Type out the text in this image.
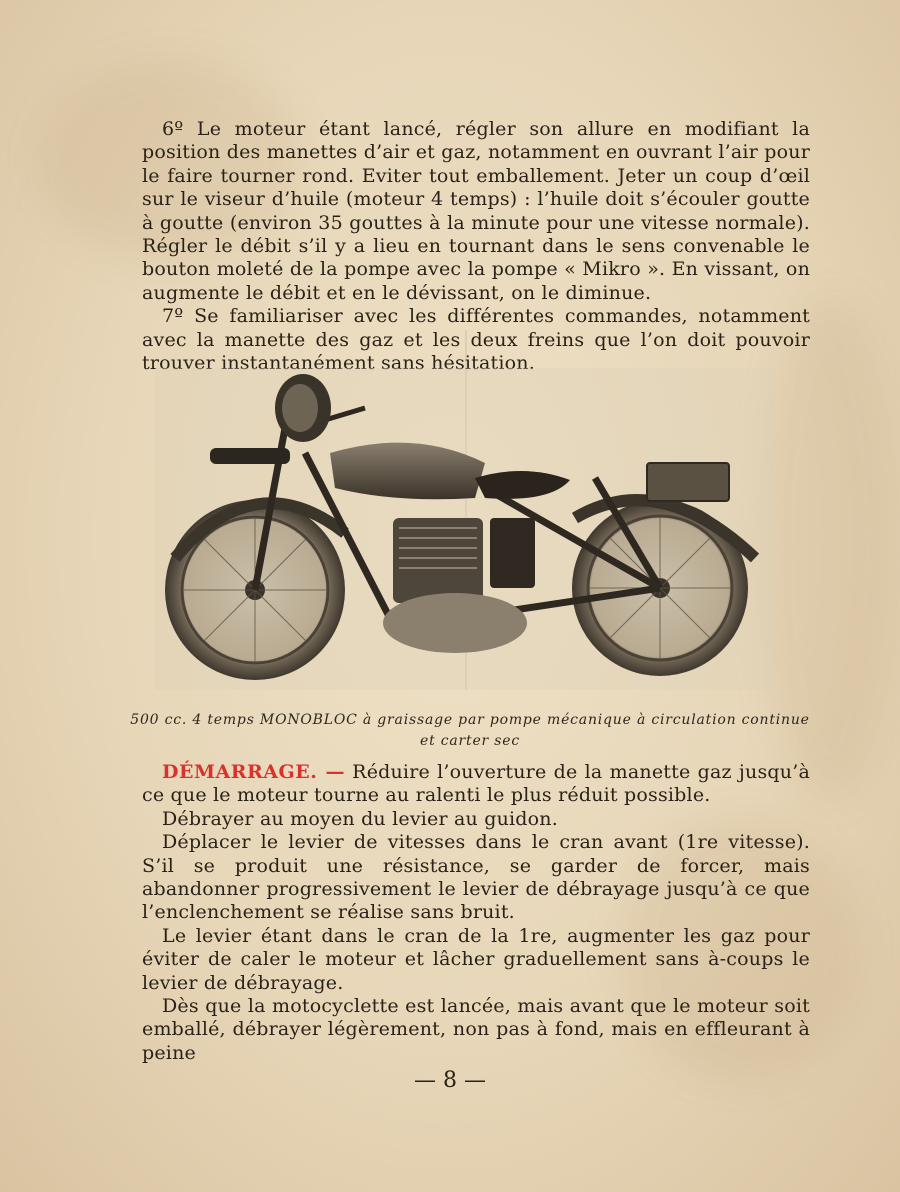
6º Le moteur étant lancé, régler son allure en modifiant la position des manettes d’air et gaz, notamment en ouvrant l’air pour le faire tourner rond. Eviter tout emballement. Jeter un coup d’œil sur le viseur d’huile (moteur 4 temps) : l’huile doit s’écouler goutte à goutte (environ 35 gouttes à la minute pour une vitesse normale). Régler le débit s’il y a lieu en tournant dans le sens convenable le bouton moleté de la pompe avec la pompe « Mikro ». En vissant, on augmente le débit et en le dévissant, on le diminue.

7º Se familiariser avec les différentes commandes, notamment avec la manette des gaz et les deux freins que l’on doit pouvoir trouver instantanément sans hésitation.

500 cc. 4 temps MONOBLOC à graissage par pompe mécanique à circulation continue
et carter sec

DÉMARRAGE. — Réduire l’ouverture de la manette gaz jusqu’à ce que le moteur tourne au ralenti le plus réduit possible.

Débrayer au moyen du levier au guidon.

Déplacer le levier de vitesses dans le cran avant (1re vitesse). S’il se produit une résistance, se garder de forcer, mais abandonner progressivement le levier de débrayage jusqu’à ce que l’enclenchement se réalise sans bruit.

Le levier étant dans le cran de la 1re, augmenter les gaz pour éviter de caler le moteur et lâcher graduellement sans à-coups le levier de débrayage.

Dès que la motocyclette est lancée, mais avant que le moteur soit emballé, débrayer légèrement, non pas à fond, mais en effleurant à peine

— 8 —
